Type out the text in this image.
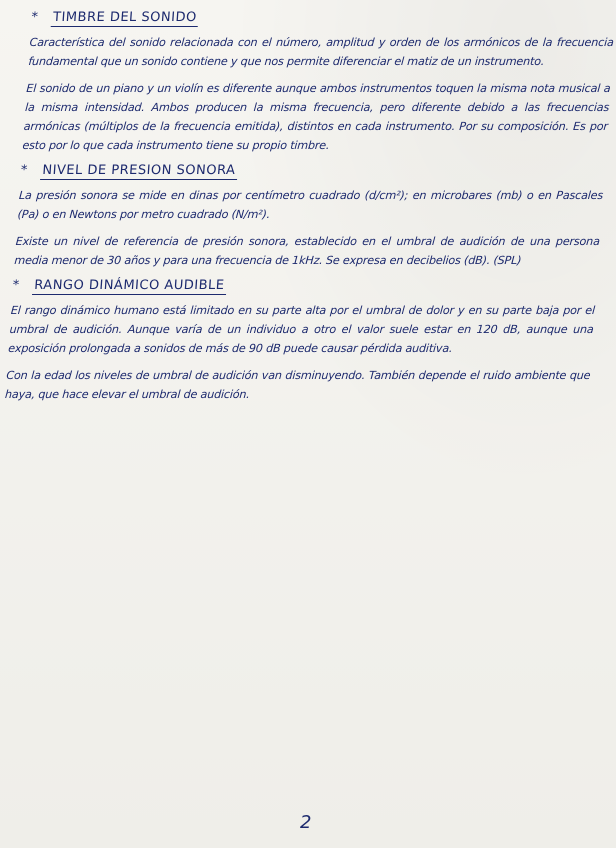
* TIMBRE DEL SONIDO

Característica del sonido relacionada con el número, amplitud y orden de los armónicos de la frecuencia fundamental que un sonido contiene y que nos permite diferenciar el matiz de un instrumento.

El sonido de un piano y un violín es diferente aunque ambos instrumentos toquen la misma nota musical a la misma intensidad. Ambos producen la misma frecuencia, pero diferente debido a las frecuencias armónicas (múltiplos de la frecuencia emitida), distintos en cada instrumento. Por su composición. Es por esto por lo que cada instrumento tiene su propio timbre.

* NIVEL DE PRESION SONORA

La presión sonora se mide en dinas por centímetro cuadrado (d/cm²); en microbares (mb) o en Pascales (Pa) o en Newtons por metro cuadrado (N/m²).

Existe un nivel de referencia de presión sonora, establecido en el umbral de audición de una persona media menor de 30 años y para una frecuencia de 1kHz. Se expresa en decibelios (dB). (SPL)

* RANGO DINÁMICO AUDIBLE

El rango dinámico humano está limitado en su parte alta por el umbral de dolor y en su parte baja por el umbral de audición. Aunque varía de un individuo a otro el valor suele estar en 120 dB, aunque una exposición prolongada a sonidos de más de 90 dB puede causar pérdida auditiva.

Con la edad los niveles de umbral de audición van disminuyendo. También depende el ruido ambiente que haya, que hace elevar el umbral de audición.

2
